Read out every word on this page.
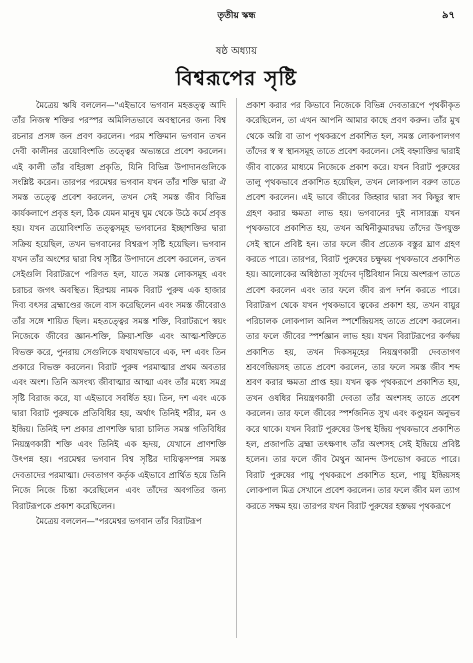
তৃতীয় স্কন্ধ	৯৭
ষষ্ঠ অধ্যায়
বিশ্বরূপের সৃষ্টি

মৈত্রেয় ঋষি বললেন—"এইভাবে ভগবান মহত্তত্ত্ব আদি তাঁর নিজস্ব শক্তির পরস্পর অমিলিতভাবে অবস্থানের জন্য বিশ্ব রচনার প্রসঙ্গ জন প্রবণ করলেন। পরম শক্তিমান ভগবান তখন দেবী কালীনর ত্রয়োবিংশতি তত্ত্বের অভ্যন্তরে প্রবেশ করলেন। এই কালী তাঁর বহিরঙ্গা প্রকৃতি, যিনি বিভিন্ন উপাদানগুলিকে সংশ্লিষ্ট করেন। তারপর পরমেশ্বর ভগবান যখন তাঁর শক্তি দ্বারা ঐ সমস্ত তত্ত্বে প্রবেশ করলেন, তখন সেই সমস্ত জীব বিভিন্ন কার্যকলাপে প্রবৃত্ত হল, ঠিক যেমন মানুষ ঘুম থেকে উঠে কর্মে প্রবৃত্ত হয়। যখন ত্রয়োবিংশতি তত্ত্বসমূহ ভগবানের ইচ্ছাশক্তির দ্বারা সক্রিয় হয়েছিল, তখন ভগবানের বিশ্বরূপ সৃষ্টি হয়েছিল। ভগবান যখন তাঁর অংশের দ্বারা বিশ্ব সৃষ্টির উপাদানে প্রবেশ করলেন, তখন সেইগুলি বিরাটরূপে পরিণত হল, যাতে সমস্ত লোকসমূহ এবং চরাচর জগৎ অবস্থিত। হিরণ্ময় নামক বিরাট পুরুষ এক হাজার দিব্য বৎসর ব্রহ্মাণ্ডের জলে বাস করেছিলেন এবং সমস্ত জীবেরাও তাঁর সঙ্গে শায়িত ছিল। মহতত্ত্বের সমস্ত শক্তি, বিরাটরূপে স্বয়ং নিজেকে জীবের জ্ঞান-শক্তি, ক্রিয়া-শক্তি এবং আত্ম-শক্তিতে বিভক্ত করে, পুনরায় সেগুলিকে যথাযথভাবে এক, দশ এবং তিন প্রকারে বিভক্ত করলেন। বিরাট পুরুষ পরমাত্মার প্রথম অবতার এবং অংশ। তিনি অসংখ্য জীবাত্মার আত্মা এবং তাঁর মধ্যে সমগ্র সৃষ্টি বিরাজ করে, যা এইভাবে সবর্ধিত হয়। তিন, দশ এবং একে দ্বারা বিরাট পুরুষকে প্রতিবিধির হয়, অর্থাৎ তিনিই শরীর, মন ও ইন্দ্রিয়। তিনিই দশ প্রকার প্রাণশক্তি দ্বারা চালিত সমস্ত গতিবিধির নিয়ন্ত্রণকারী শক্তি এবং তিনিই এক হৃদয়, যেখানে প্রাণশক্তি উৎপন্ন হয়। পরমেশ্বর ভগবান বিশ্ব সৃষ্টির দায়িত্বসম্পন্ন সমস্ত দেবতাদের পরমাত্মা। দেবতাগণ কর্তৃক এইভাবে প্রার্থিত হয়ে তিনি নিজে নিজে চিন্তা করেছিলেন এবং তাঁদের অবগতির জন্য বিরাটরূপকে প্রকাশ করেছিলেন।

মৈত্রেয় বললেন—"পরমেশ্বর ভগবান তাঁর বিরাটরূপ

প্রকাশ করার পর কিভাবে নিজেকে বিভিন্ন দেবতারূপে পৃথকীকৃত করেছিলেন, তা এখন আপনি আমার কাছে প্রবণ করুন। তাঁর মুখ থেকে অগ্নি বা তাপ পৃথকরূপে প্রকাশিত হল, সমস্ত লোকপালগণ তাঁদের স্ব স্ব স্থানসমূহ তাতে প্রবেশ করলেন। সেই বহ্ন্যাক্তির দ্বারাই জীব বাক্যের মাধ্যমে নিজেকে প্রকাশ করে। যখন বিরাট পুরুষের তালু পৃথকভাবে প্রকাশিত হয়েছিল, তখন লোকপাল বরুণ তাতে প্রবেশ করলেন। এই ভাবে জীবের জিহ্বার দ্বারা সব কিছুর স্বাদ গ্রহণ করার ক্ষমতা লাভ হয়। ভগবানের দুই নাসারন্ধ্র যখন পৃথকভাবে প্রকাশিত হয়, তখন অশ্বিনীকুমারদ্বয় তাঁদের উপযুক্ত সেই স্থানে প্রবিষ্ট হন। তার ফলে জীব প্রত্যেক বস্তুর ঘ্রাণ গ্রহণ করতে পারে। তারপর, বিরাট পুরুষের চক্ষুদ্বয় পৃথকভাবে প্রকাশিত হয়। আলোকের অধিষ্ঠাতা সূর্যদেব দৃষ্টিবিধান নিয়ে অংশরূপ তাতে প্রবেশ করলেন এবং তার ফলে জীব রূপ দর্শন করতে পারে। বিরাটরূপ থেকে যখন পৃথকভাবে ত্বকের প্রকাশ হয়, তখন বায়ুর পরিচালক লোকপাল অনিল স্পর্শেন্দ্রিয়সহ তাতে প্রবেশ করলেন। তার ফলে জীবের স্পর্শজ্ঞান লাভ হয়। যখন বিরাটরূপের কর্ণদ্বয় প্রকাশিত হয়, তখন দিকসমূহের নিয়ন্ত্রণকারী দেবতাগণ শ্রবণেন্দ্রিয়সহ তাতে প্রবেশ করলেন, তার ফলে সমস্ত জীব শব্দ শ্রবণ করার ক্ষমতা প্রাপ্ত হয়। যখন ত্বক পৃথকরূপে প্রকাশিত হয়, তখন ওষধির নিয়ন্ত্রণকারী দেবতা তাঁর অংশসহ তাতে প্রবেশ করলেন। তার ফলে জীবের স্পর্শজনিত সুখ এবং কণ্ডুয়ন অনুভব করে থাকে। যখন বিরাট পুরুষের উপস্থ ইন্দ্রিয় পৃথকভাবে প্রকাশিত হল, প্রজাপতি ব্রহ্মা তৎক্ষণাৎ তাঁর অংশসহ সেই ইন্দ্রিয়ে প্রবিষ্ট হলেন। তার ফলে জীব মৈথুন আনন্দ উপভোগ করতে পারে। বিরাট পুরুষের পায়ু পৃথকরূপে প্রকাশিত হলে, পায়ু ইন্দ্রিয়সহ লোকপাল মিত্র সেখানে প্রবেশ করলেন। তার ফলে জীব মল ত্যাগ করতে সক্ষম হয়। তারপর যখন বিরাট পুরুষের হস্তদ্বয় পৃথকরূপে
